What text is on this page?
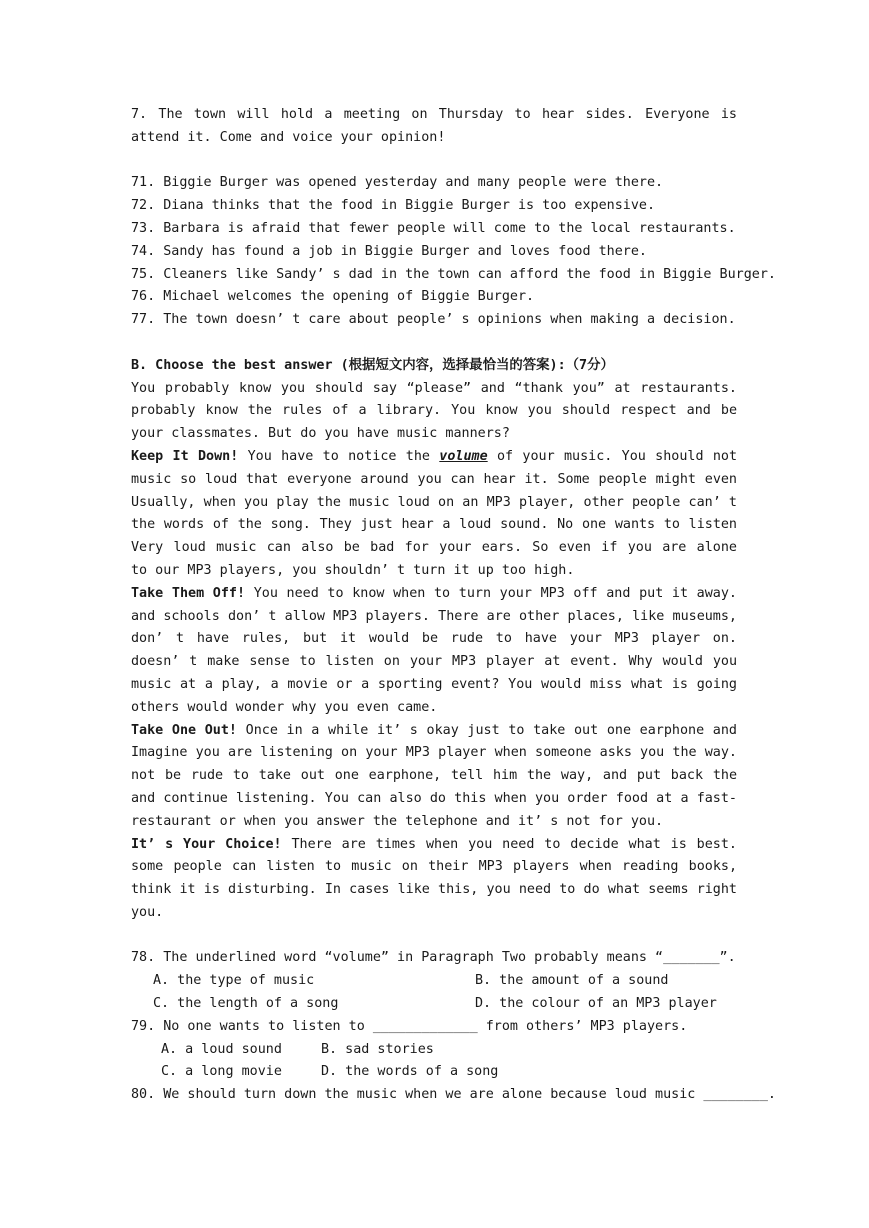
7. The town will hold a meeting on Thursday to hear sides. Everyone is
attend it. Come and voice your opinion!
71. Biggie Burger was opened yesterday and many people were there.
72. Diana thinks that the food in Biggie Burger is too expensive.
73. Barbara is afraid that fewer people will come to the local restaurants.
74. Sandy has found a job in Biggie Burger and loves food there.
75. Cleaners like Sandy’ s dad in the town can afford the food in Biggie Burger.
76. Michael welcomes the opening of Biggie Burger.
77. The town doesn’ t care about people’ s opinions when making a decision.
B. Choose the best answer (根据短文内容，选择最恰当的答案):（7分）
You probably know you should say “please” and “thank you” at restaurants.
probably know the rules of a library. You know you should respect and be
your classmates. But do you have music manners?
Keep It Down! You have to notice the volume of your music. You should not
music so loud that everyone around you can hear it. Some people might even
Usually, when you play the music loud on an MP3 player, other people can’ t
the words of the song. They just hear a loud sound. No one wants to listen
Very loud music can also be bad for your ears. So even if you are alone
to our MP3 players, you shouldn’ t turn it up too high.
Take Them Off! You need to know when to turn your MP3 off and put it away.
and schools don’ t allow MP3 players. There are other places, like museums,
don’ t have rules, but it would be rude to have your MP3 player on.
doesn’ t make sense to listen on your MP3 player at event. Why would you
music at a play, a movie or a sporting event? You would miss what is going
others would wonder why you even came.
Take One Out! Once in a while it’ s okay just to take out one earphone and
Imagine you are listening on your MP3 player when someone asks you the way.
not be rude to take out one earphone, tell him the way, and put back the
and continue listening. You can also do this when you order food at a fast-
restaurant or when you answer the telephone and it’ s not for you.
It’ s Your Choice! There are times when you need to decide what is best.
some people can listen to music on their MP3 players when reading books,
think it is disturbing. In cases like this, you need to do what seems right
you.
78. The underlined word “volume” in Paragraph Two probably means “_______”.
A. the type of music	B. the amount of a sound
C. the length of a song	D. the colour of an MP3 player
79. No one wants to listen to _____________ from others’ MP3 players.
A. a loud sound	B. sad stories
C. a long movie	D. the words of a song
80. We should turn down the music when we are alone because loud music ________.
